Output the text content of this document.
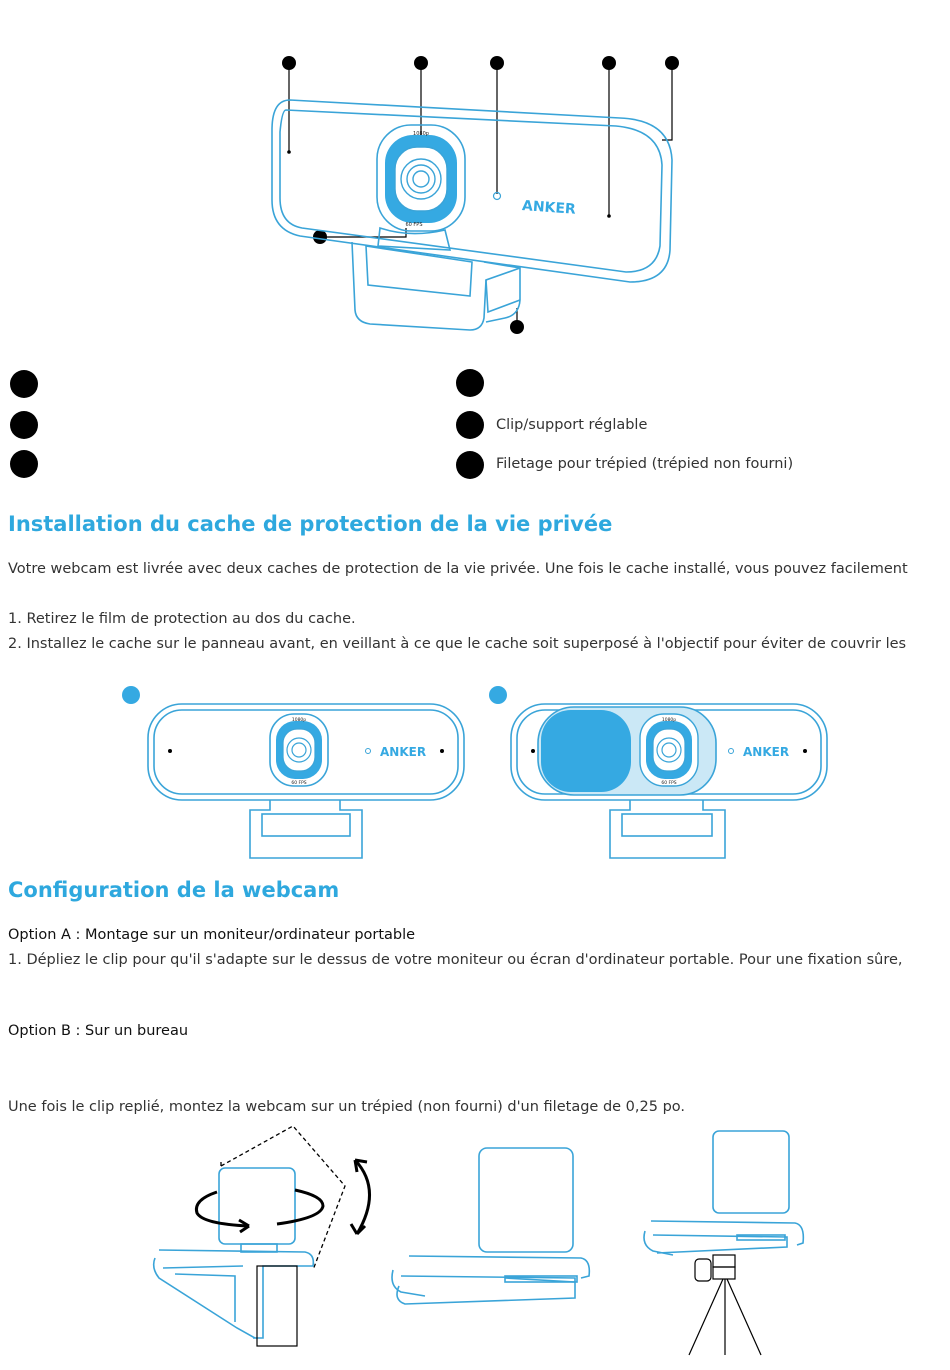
1080p
60 FPS
ANKER
Clip/support réglable
Filetage pour trépied (trépied non fourni)
Installation du cache de protection de la vie privée
Votre webcam est livrée avec deux caches de protection de la vie privée. Une fois le cache installé, vous pouvez facilement
1. Retirez le film de protection au dos du cache.
2. Installez le cache sur le panneau avant, en veillant à ce que le cache soit superposé à l'objectif pour éviter de couvrir les
1080p
60 FPS
ANKER
1080p
60 FPS
ANKER
Configuration de la webcam
Option A : Montage sur un moniteur/ordinateur portable
1. Dépliez le clip pour qu'il s'adapte sur le dessus de votre moniteur ou écran d'ordinateur portable. Pour une fixation sûre,
Option B : Sur un bureau
Une fois le clip replié, montez la webcam sur un trépied (non fourni) d'un filetage de 0,25 po.
